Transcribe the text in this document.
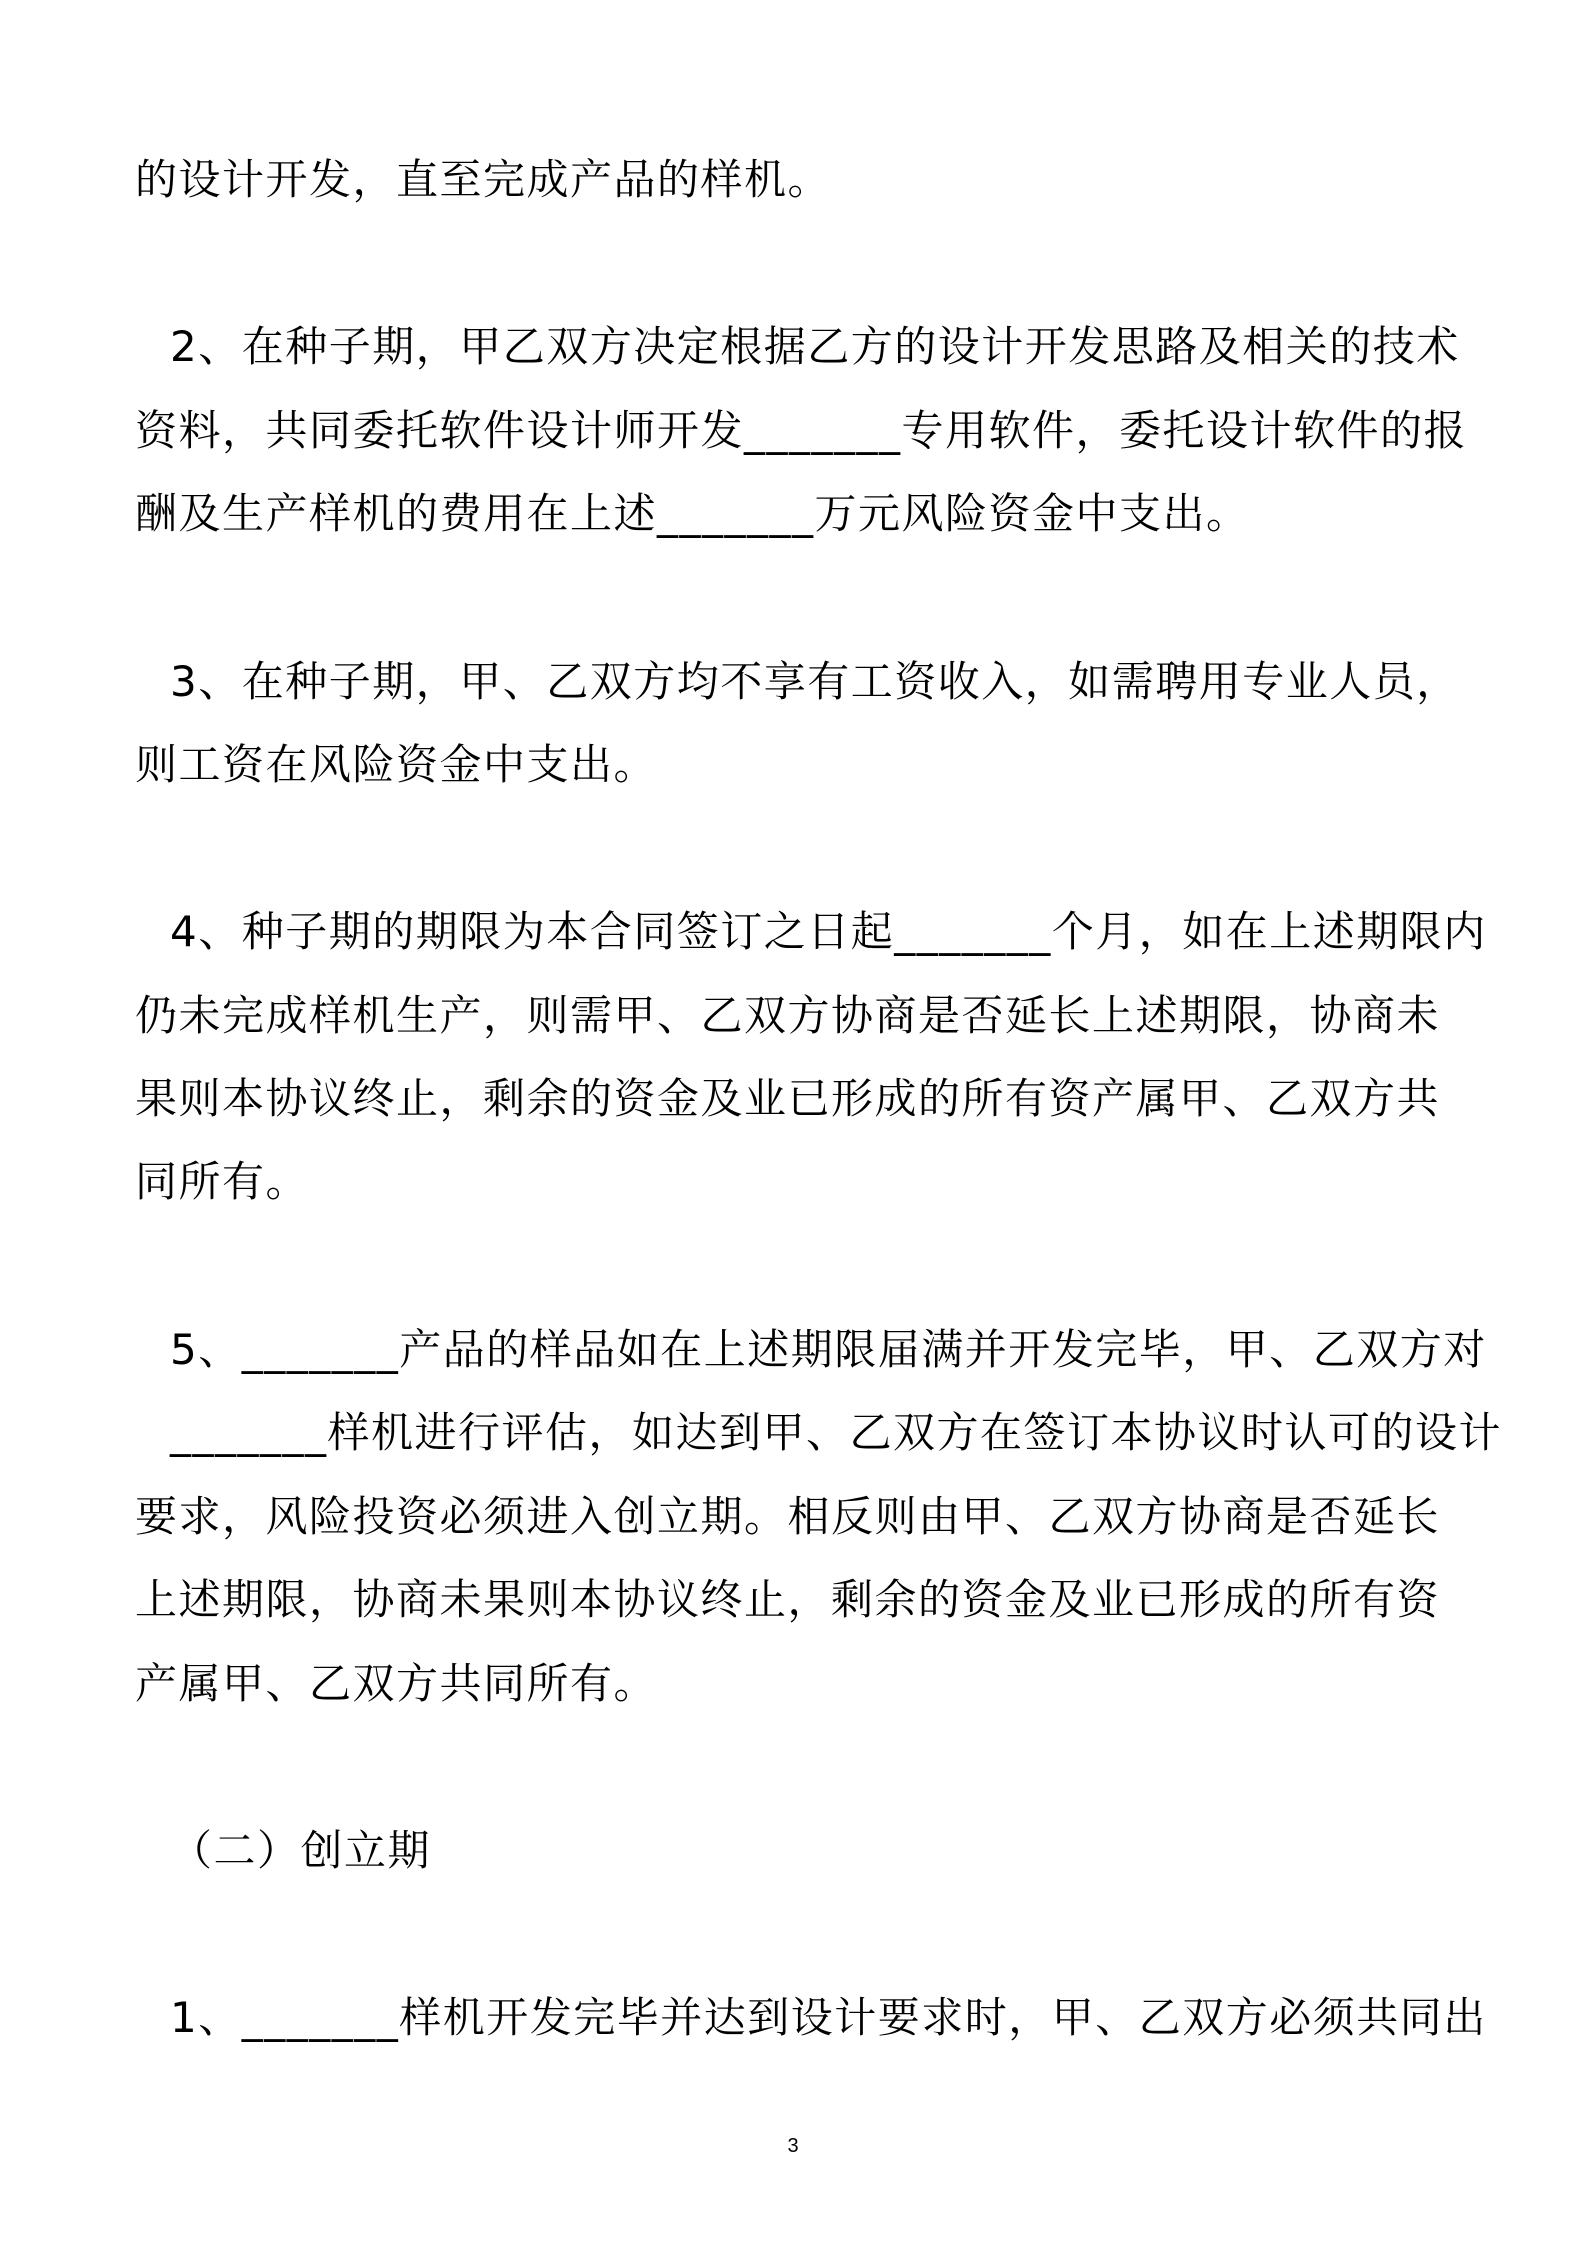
的设计开发，直至完成产品的样机。

2、在种子期，甲乙双方决定根据乙方的设计开发思路及相关的技术

资料，共同委托软件设计师开发_______专用软件，委托设计软件的报

酬及生产样机的费用在上述_______万元风险资金中支出。

3、在种子期，甲、乙双方均不享有工资收入，如需聘用专业人员，

则工资在风险资金中支出。

4、种子期的期限为本合同签订之日起_______个月，如在上述期限内

仍未完成样机生产，则需甲、乙双方协商是否延长上述期限，协商未

果则本协议终止，剩余的资金及业已形成的所有资产属甲、乙双方共

同所有。

5、_______产品的样品如在上述期限届满并开发完毕，甲、乙双方对

_______样机进行评估，如达到甲、乙双方在签订本协议时认可的设计

要求，风险投资必须进入创立期。相反则由甲、乙双方协商是否延长

上述期限，协商未果则本协议终止，剩余的资金及业已形成的所有资

产属甲、乙双方共同所有。

（二）创立期

1、_______样机开发完毕并达到设计要求时，甲、乙双方必须共同出

3
